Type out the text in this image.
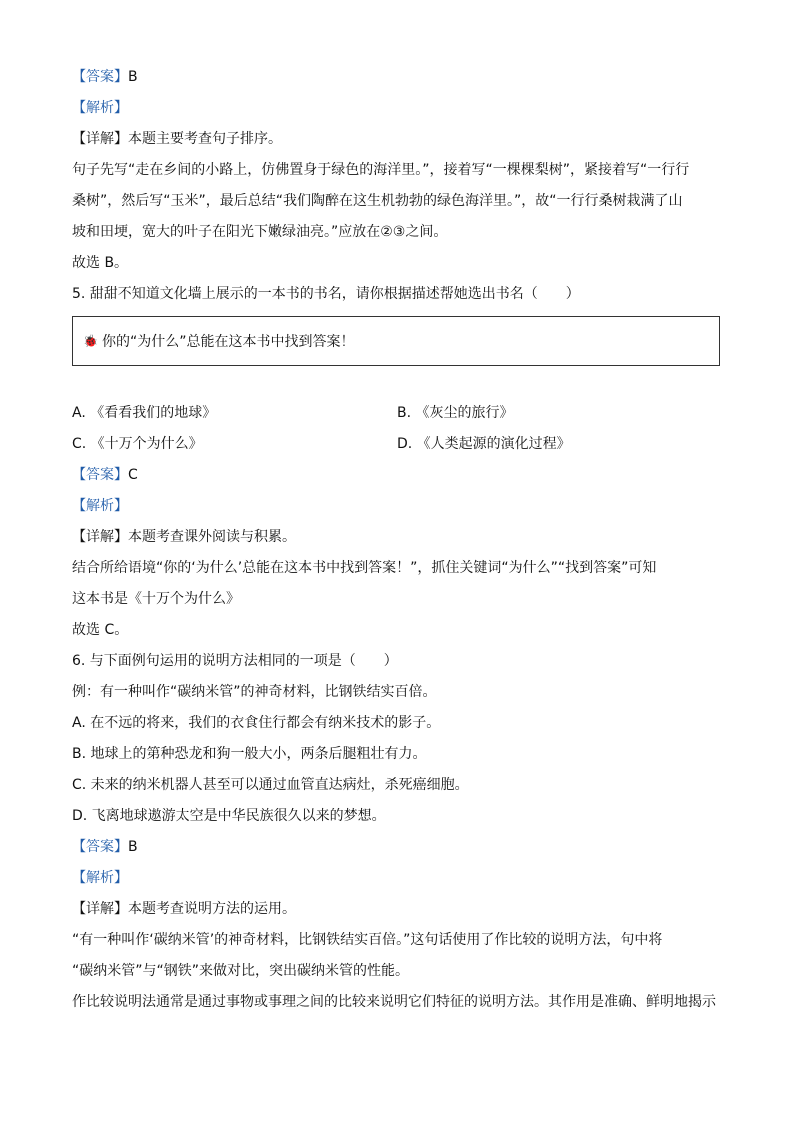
【答案】B
【解析】
【详解】本题主要考查句子排序。
句子先写“走在乡间的小路上，仿佛置身于绿色的海洋里。”，接着写“一棵棵梨树”，紧接着写“一行行
桑树”，然后写“玉米”，最后总结“我们陶醉在这生机勃勃的绿色海洋里。”，故“一行行桑树栽满了山
坡和田埂，宽大的叶子在阳光下嫩绿油亮。”应放在②③之间。
故选 B。
5. 甜甜不知道文化墙上展示的一本书的书名，请你根据描述帮她选出书名（　　）
🐞 你的“为什么”总能在这本书中找到答案！
A. 《看看我们的地球》	B. 《灰尘的旅行》
C. 《十万个为什么》	D. 《人类起源的演化过程》
【答案】C
【解析】
【详解】本题考查课外阅读与积累。
结合所给语境“你的‘为什么’总能在这本书中找到答案！”，抓住关键词“为什么”“找到答案”可知
这本书是《十万个为什么》
故选 C。
6. 与下面例句运用的说明方法相同的一项是（　　）
例：有一种叫作“碳纳米管”的神奇材料，比钢铁结实百倍。
A. 在不远的将来，我们的衣食住行都会有纳米技术的影子。
B. 地球上的第种恐龙和狗一般大小，两条后腿粗壮有力。
C. 未来的纳米机器人甚至可以通过血管直达病灶，杀死癌细胞。
D. 飞离地球遨游太空是中华民族很久以来的梦想。
【答案】B
【解析】
【详解】本题考查说明方法的运用。
“有一种叫作‘碳纳米管’的神奇材料，比钢铁结实百倍。”这句话使用了作比较的说明方法，句中将
“碳纳米管”与“钢铁”来做对比，突出碳纳米管的性能。
作比较说明法通常是通过事物或事理之间的比较来说明它们特征的说明方法。其作用是准确、鲜明地揭示
